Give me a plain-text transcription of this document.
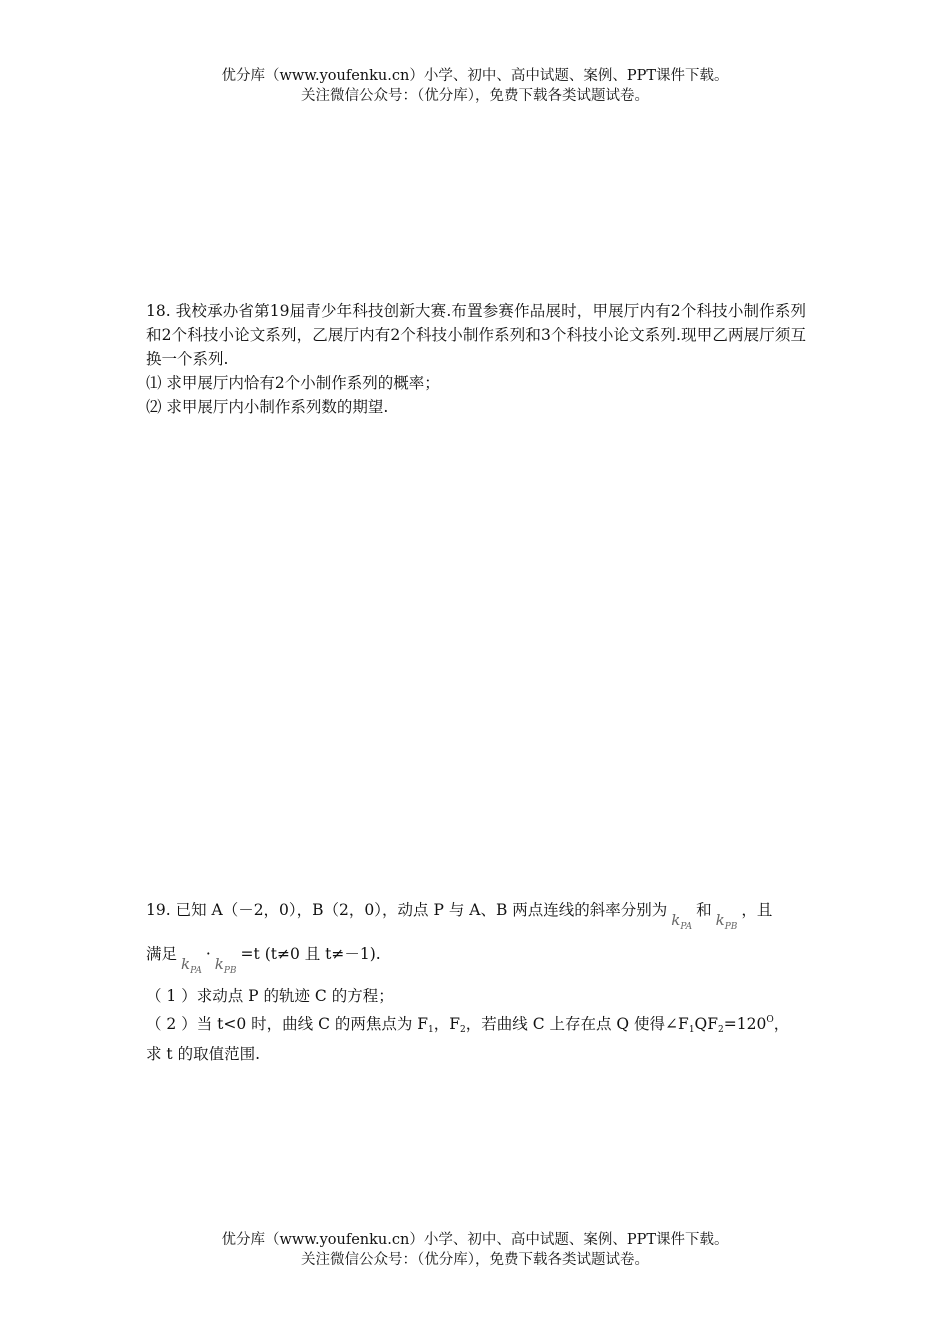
优分库（www.youfenku.cn）小学、初中、高中试题、案例、PPT课件下载。
关注微信公众号：（优分库），免费下载各类试题试卷。
18. 我校承办省第19届青少年科技创新大赛.布置参赛作品展时，甲展厅内有2个科技小制作系列和2个科技小论文系列，乙展厅内有2个科技小制作系列和3个科技小论文系列.现甲乙两展厅须互换一个系列.
⑴ 求甲展厅内恰有2个小制作系列的概率；
⑵ 求甲展厅内小制作系列数的期望.
19. 已知 A（－2，0），B（2，0），动点 P 与 A、B 两点连线的斜率分别为$k_{PA}$和$k_{PB}$，且
满足$k_{PA}\cdot k_{PB}=t$ (t≠0 且 t≠－1).
（ 1 ）求动点 P 的轨迹 C 的方程；
（ 2 ）当 t<0 时，曲线 C 的两焦点为 $F_1$，$F_2$，若曲线 C 上存在点 Q 使得$\angle F_1QF_2=120^O$，
求 t 的取值范围.
优分库（www.youfenku.cn）小学、初中、高中试题、案例、PPT课件下载。
关注微信公众号：（优分库），免费下载各类试题试卷。
